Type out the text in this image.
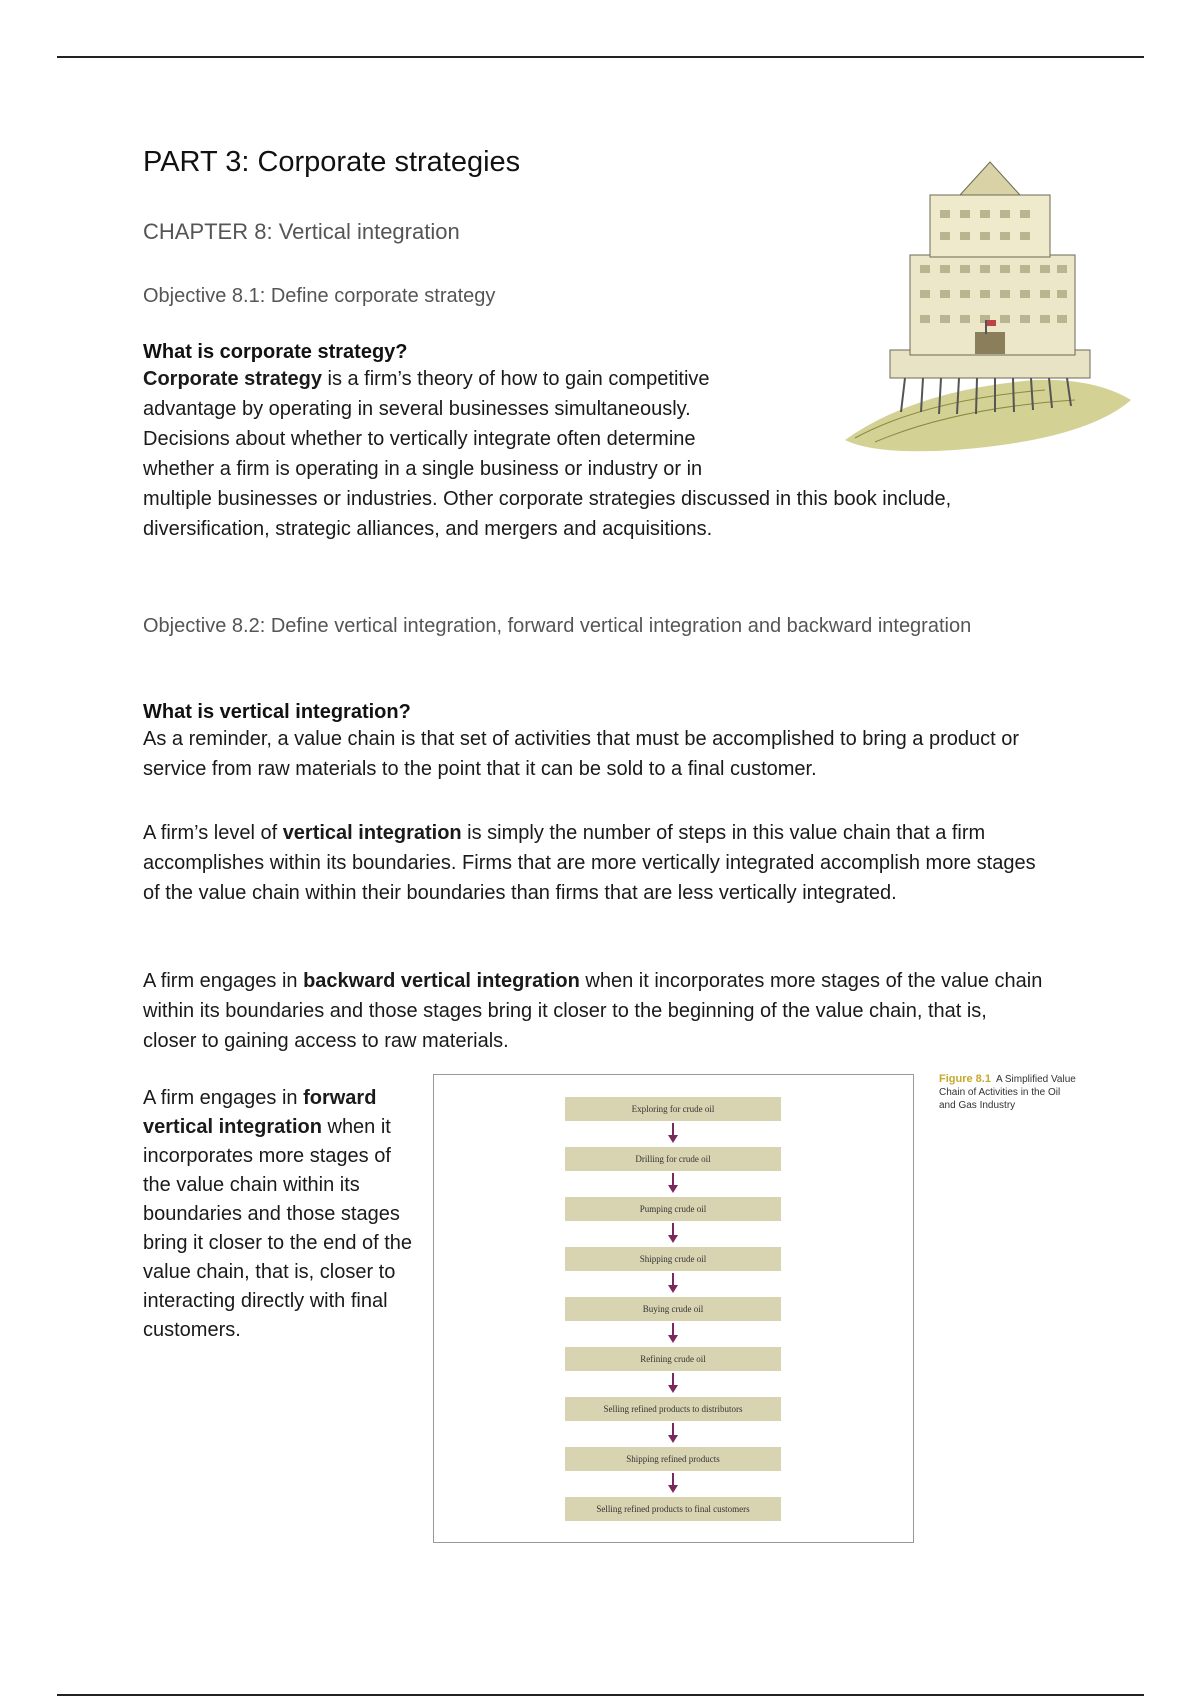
PART 3: Corporate strategies
CHAPTER 8: Vertical integration
Objective 8.1: Define corporate strategy
What is corporate strategy?
Corporate strategy is a firm’s theory of how to gain competitive
advantage by operating in several businesses simultaneously.
Decisions about whether to vertically integrate often determine
whether a firm is operating in a single business or industry or in
multiple businesses or industries. Other corporate strategies discussed in this book include,
diversification, strategic alliances, and mergers and acquisitions.
Objective 8.2: Define vertical integration, forward vertical integration and backward integration
What is vertical integration?
As a reminder, a value chain is that set of activities that must be accomplished to bring a product or service from raw materials to the point that it can be sold to a final customer.
A firm’s level of vertical integration is simply the number of steps in this value chain that a firm accomplishes within its boundaries. Firms that are more vertically integrated accomplish more stages of the value chain within their boundaries than firms that are less vertically integrated.
A firm engages in backward vertical integration when it incorporates more stages of the value chain within its boundaries and those stages bring it closer to the beginning of the value chain, that is, closer to gaining access to raw materials.
A firm engages in forward vertical integration when it incorporates more stages of the value chain within its boundaries and those stages bring it closer to the end of the value chain, that is, closer to interacting directly with final customers.
Exploring for crude oil
Drilling for crude oil
Pumping crude oil
Shipping crude oil
Buying crude oil
Refining crude oil
Selling refined products to distributors
Shipping refined products
Selling refined products to final customers
Figure 8.1 A Simplified Value Chain of Activities in the Oil and Gas Industry
